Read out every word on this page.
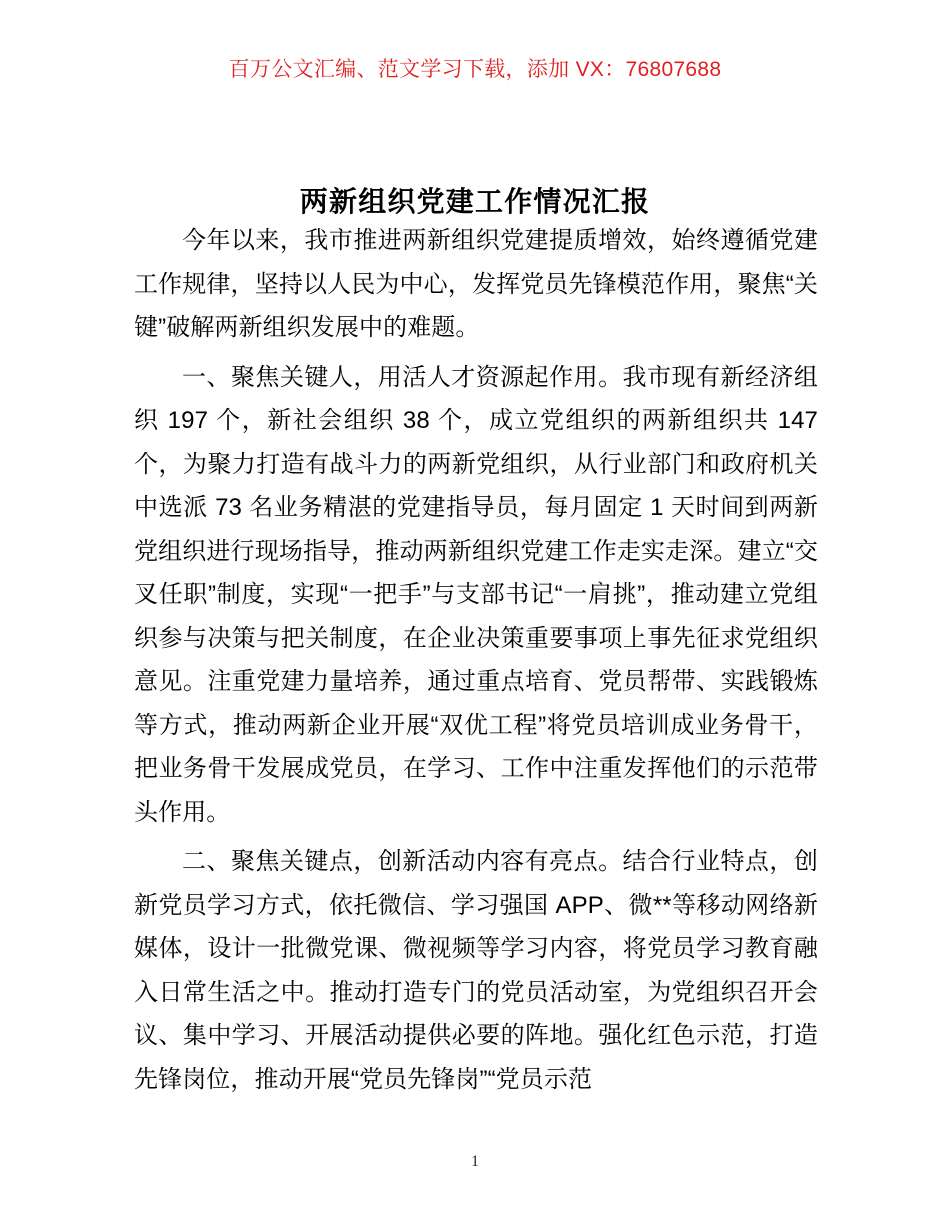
百万公文汇编、范文学习下载，添加 VX：76807688
两新组织党建工作情况汇报

今年以来，我市推进两新组织党建提质增效，始终遵循党建工作规律，坚持以人民为中心，发挥党员先锋模范作用，聚焦“关键”破解两新组织发展中的难题。

一、聚焦关键人，用活人才资源起作用。我市现有新经济组织 197 个，新社会组织 38 个，成立党组织的两新组织共 147 个，为聚力打造有战斗力的两新党组织，从行业部门和政府机关中选派 73 名业务精湛的党建指导员，每月固定 1 天时间到两新党组织进行现场指导，推动两新组织党建工作走实走深。建立“交叉任职”制度，实现“一把手”与支部书记“一肩挑”，推动建立党组织参与决策与把关制度，在企业决策重要事项上事先征求党组织意见。注重党建力量培养，通过重点培育、党员帮带、实践锻炼等方式，推动两新企业开展“双优工程”将党员培训成业务骨干，把业务骨干发展成党员，在学习、工作中注重发挥他们的示范带头作用。

二、聚焦关键点，创新活动内容有亮点。结合行业特点，创新党员学习方式，依托微信、学习强国 APP、微**等移动网络新媒体，设计一批微党课、微视频等学习内容，将党员学习教育融入日常生活之中。推动打造专门的党员活动室，为党组织召开会议、集中学习、开展活动提供必要的阵地。强化红色示范，打造先锋岗位，推动开展“党员先锋岗”“党员示范

1
